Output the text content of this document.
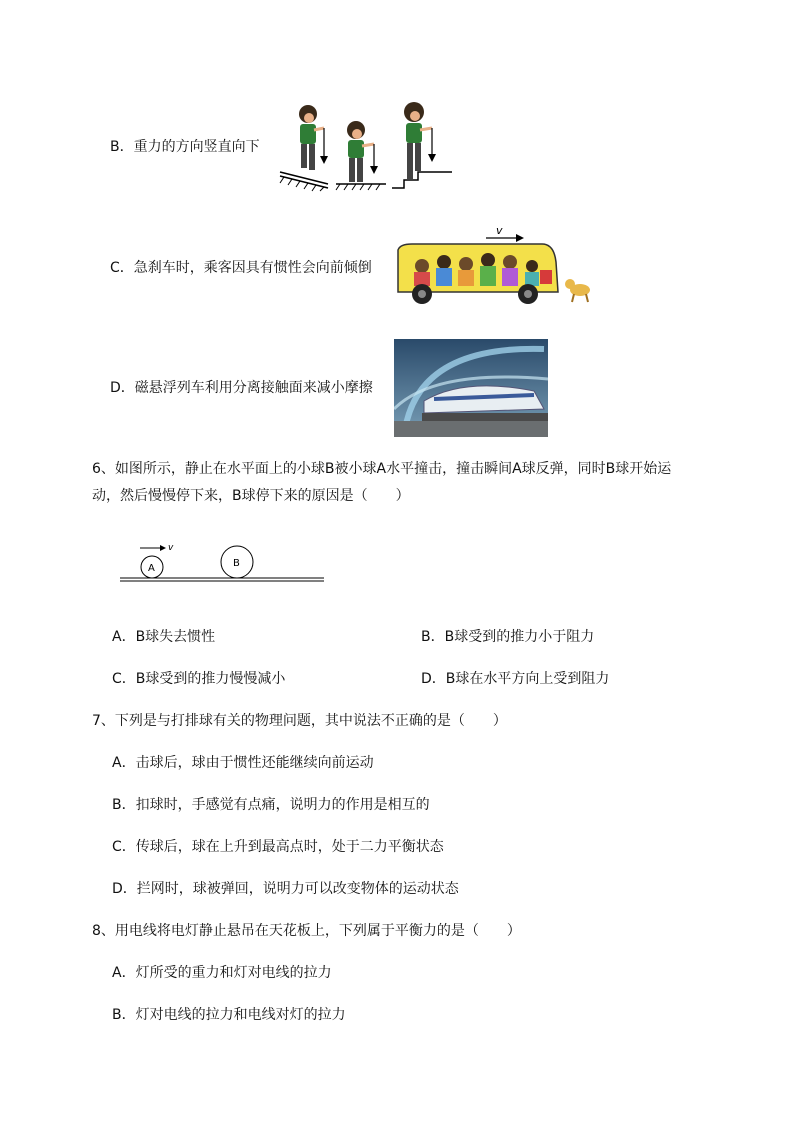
B．重力的方向竖直向下
C．急刹车时，乘客因具有惯性会向前倾倒
v
D．磁悬浮列车利用分离接触面来减小摩擦
6、如图所示，静止在水平面上的小球B被小球A水平撞击，撞击瞬间A球反弹，同时B球开始运
动，然后慢慢停下来，B球停下来的原因是（　　）
v
A	B
A．B球失去惯性	B．B球受到的推力小于阻力
C．B球受到的推力慢慢减小	D．B球在水平方向上受到阻力
7、下列是与打排球有关的物理问题，其中说法不正确的是（　　）
A．击球后，球由于惯性还能继续向前运动
B．扣球时，手感觉有点痛，说明力的作用是相互的
C．传球后，球在上升到最高点时，处于二力平衡状态
D．拦网时，球被弹回，说明力可以改变物体的运动状态
8、用电线将电灯静止悬吊在天花板上，下列属于平衡力的是（　　）
A．灯所受的重力和灯对电线的拉力
B．灯对电线的拉力和电线对灯的拉力
